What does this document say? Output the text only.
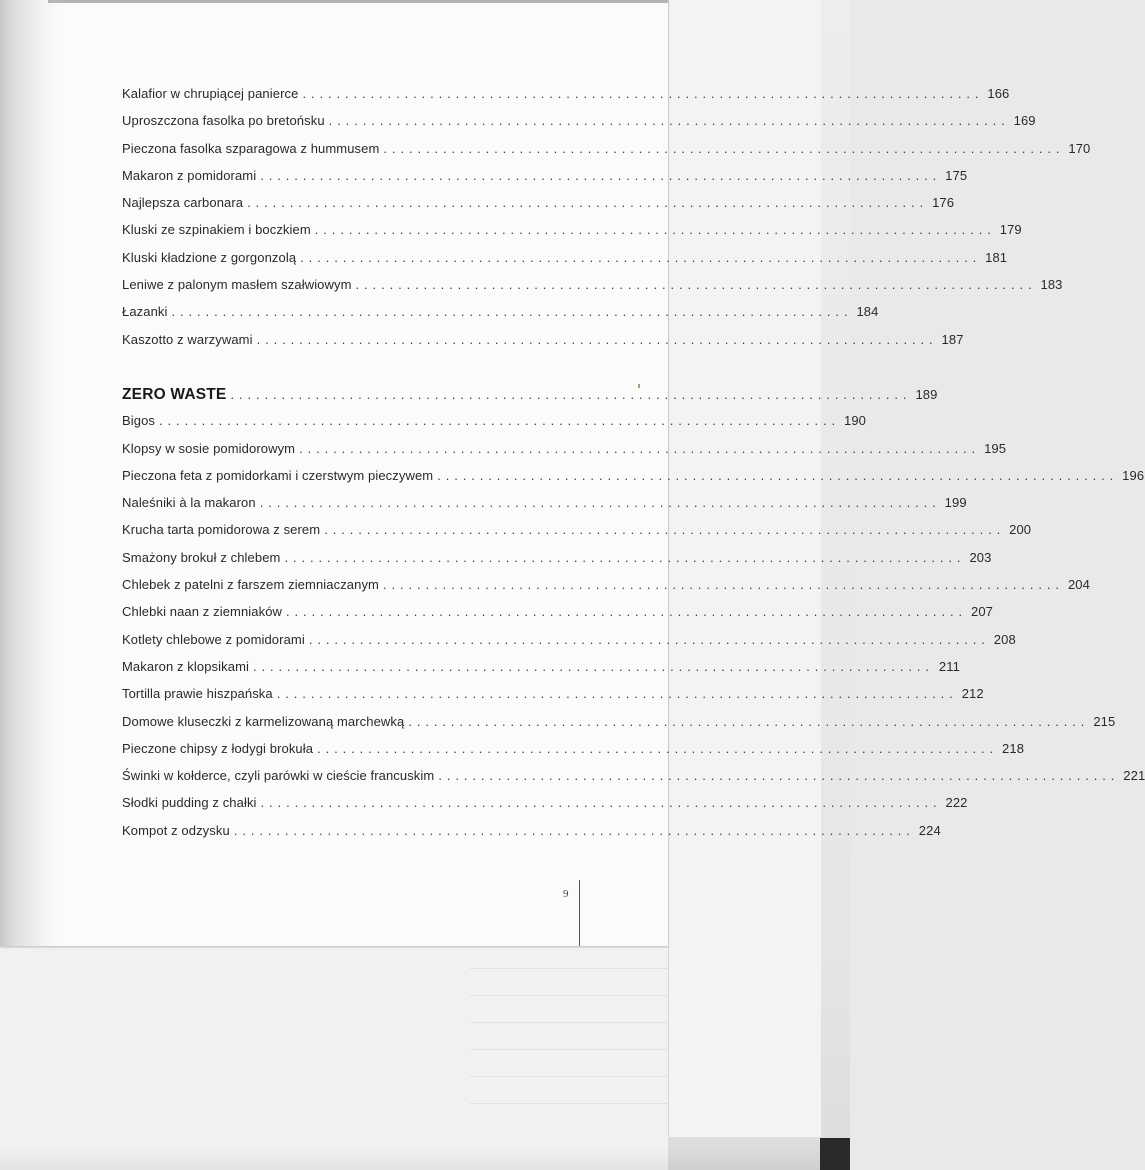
Kalafior w chrupiącej panierce ................................................................................ 166
Uproszczona fasolka po bretońsku ................................................................................ 169
Pieczona fasolka szparagowa z hummusem ................................................................................ 170
Makaron z pomidorami ................................................................................ 175
Najlepsza carbonara ................................................................................ 176
Kluski ze szpinakiem i boczkiem ................................................................................ 179
Kluski kładzione z gorgonzolą ................................................................................ 181
Leniwe z palonym masłem szałwiowym ................................................................................ 183
Łazanki ................................................................................ 184
Kaszotto z warzywami ................................................................................ 187
ZERO WASTE ................................................................................ 189
Bigos ................................................................................ 190
Klopsy w sosie pomidorowym ................................................................................ 195
Pieczona feta z pomidorkami i czerstwym pieczywem ................................................................................ 196
Naleśniki à la makaron ................................................................................ 199
Krucha tarta pomidorowa z serem ................................................................................ 200
Smażony brokuł z chlebem ................................................................................ 203
Chlebek z patelni z farszem ziemniaczanym ................................................................................ 204
Chlebki naan z ziemniaków ................................................................................ 207
Kotlety chlebowe z pomidorami ................................................................................ 208
Makaron z klopsikami ................................................................................ 211
Tortilla prawie hiszpańska ................................................................................ 212
Domowe kluseczki z karmelizowaną marchewką ................................................................................ 215
Pieczone chipsy z łodygi brokuła ................................................................................ 218
Świnki w kołderce, czyli parówki w cieście francuskim ................................................................................ 221
Słodki pudding z chałki ................................................................................ 222
Kompot z odzysku ................................................................................ 224
9
